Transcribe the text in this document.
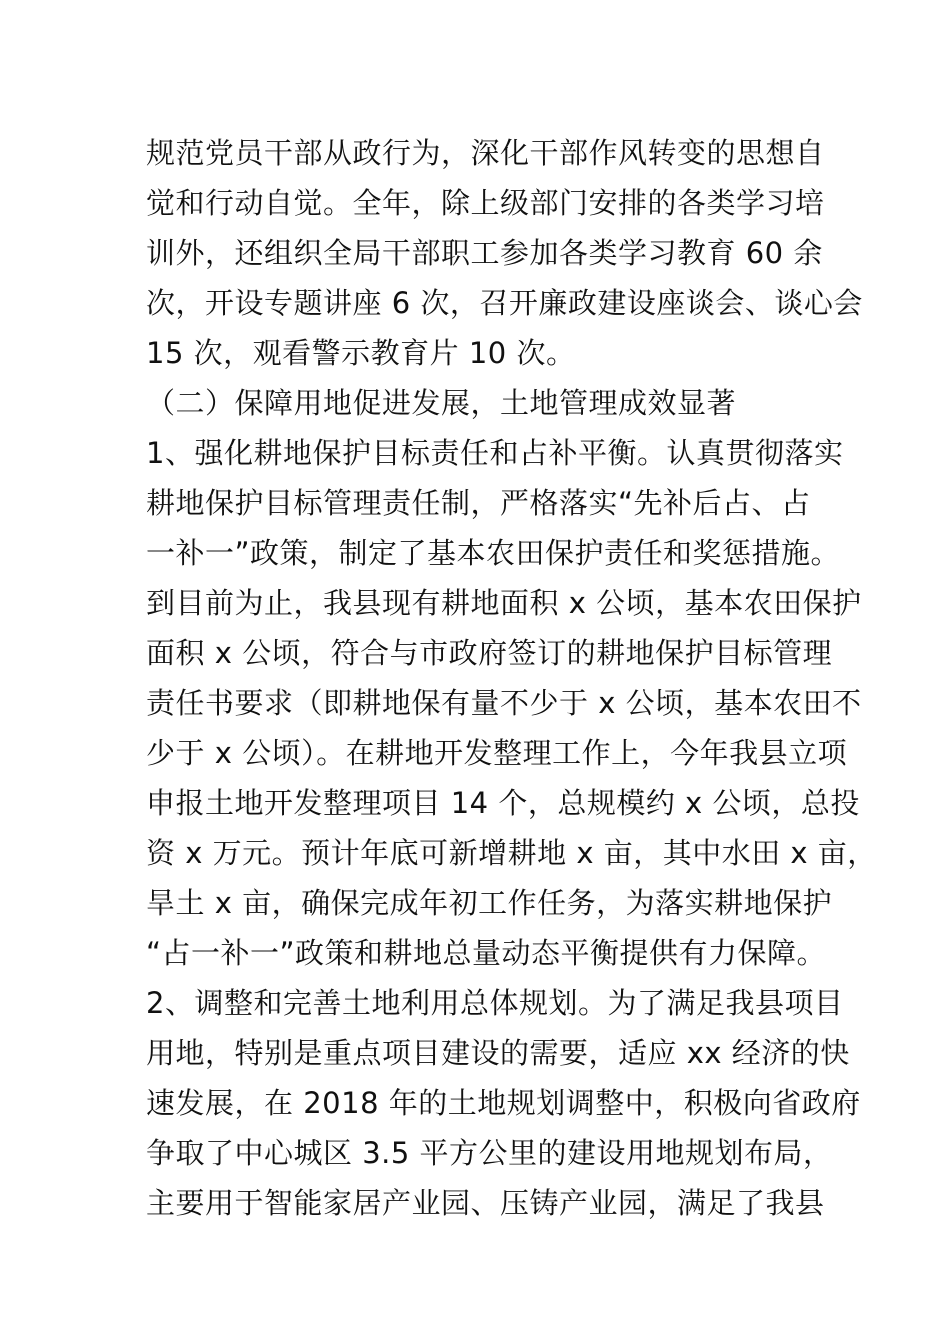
规范党员干部从政行为，深化干部作风转变的思想自
觉和行动自觉。全年，除上级部门安排的各类学习培
训外，还组织全局干部职工参加各类学习教育 60 余
次，开设专题讲座 6 次，召开廉政建设座谈会、谈心会
15 次，观看警示教育片 10 次。
（二）保障用地促进发展，土地管理成效显著
1、强化耕地保护目标责任和占补平衡。认真贯彻落实
耕地保护目标管理责任制，严格落实“先补后占、占
一补一”政策，制定了基本农田保护责任和奖惩措施。
到目前为止，我县现有耕地面积 x 公顷，基本农田保护
面积 x 公顷，符合与市政府签订的耕地保护目标管理
责任书要求（即耕地保有量不少于 x 公顷，基本农田不
少于 x 公顷）。在耕地开发整理工作上，今年我县立项
申报土地开发整理项目 14 个，总规模约 x 公顷，总投
资 x 万元。预计年底可新增耕地 x 亩，其中水田 x 亩，
旱土 x 亩，确保完成年初工作任务，为落实耕地保护
“占一补一”政策和耕地总量动态平衡提供有力保障。
2、调整和完善土地利用总体规划。为了满足我县项目
用地，特别是重点项目建设的需要，适应 xx 经济的快
速发展，在 2018 年的土地规划调整中，积极向省政府
争取了中心城区 3.5 平方公里的建设用地规划布局，
主要用于智能家居产业园、压铸产业园，满足了我县
